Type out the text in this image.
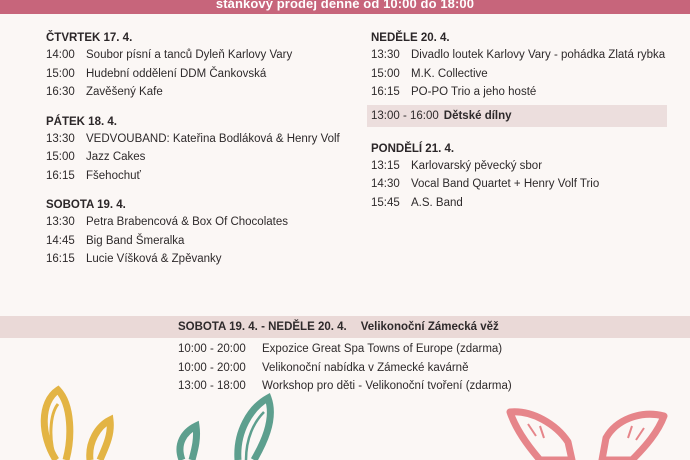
stánkový prodej denně od 10:00 do 18:00
ČTVRTEK 17. 4.
14:00 Soubor písní a tanců Dyleň Karlovy Vary
15:00 Hudební oddělení DDM Čankovská
16:30 Zavěšený Kafe
PÁTEK 18. 4.
13:30 VEDVOUBAND: Kateřina Bodláková & Henry Volf
15:00 Jazz Cakes
16:15 Fšehochuť
SOBOTA 19. 4.
13:30 Petra Brabencová & Box Of Chocolates
14:45 Big Band Šmeralka
16:15 Lucie Víšková & Zpěvanky
NEDĚLE 20. 4.
13:30 Divadlo loutek Karlovy Vary - pohádka Zlatá rybka
15:00 M.K. Collective
16:15 PO-PO Trio a jeho hosté
13:00 - 16:00 Dětské dílny
PONDĚLÍ 21. 4.
13:15 Karlovarský pěvecký sbor
14:30 Vocal Band Quartet + Henry Volf Trio
15:45 A.S. Band
SOBOTA 19. 4. - NEDĚLE 20. 4. Velikonoční Zámecká věž
10:00 - 20:00	Expozice Great Spa Towns of Europe (zdarma)
10:00 - 20:00	Velikonoční nabídka v Zámecké kavárně
13:00 - 18:00	Workshop pro děti - Velikonoční tvoření (zdarma)
